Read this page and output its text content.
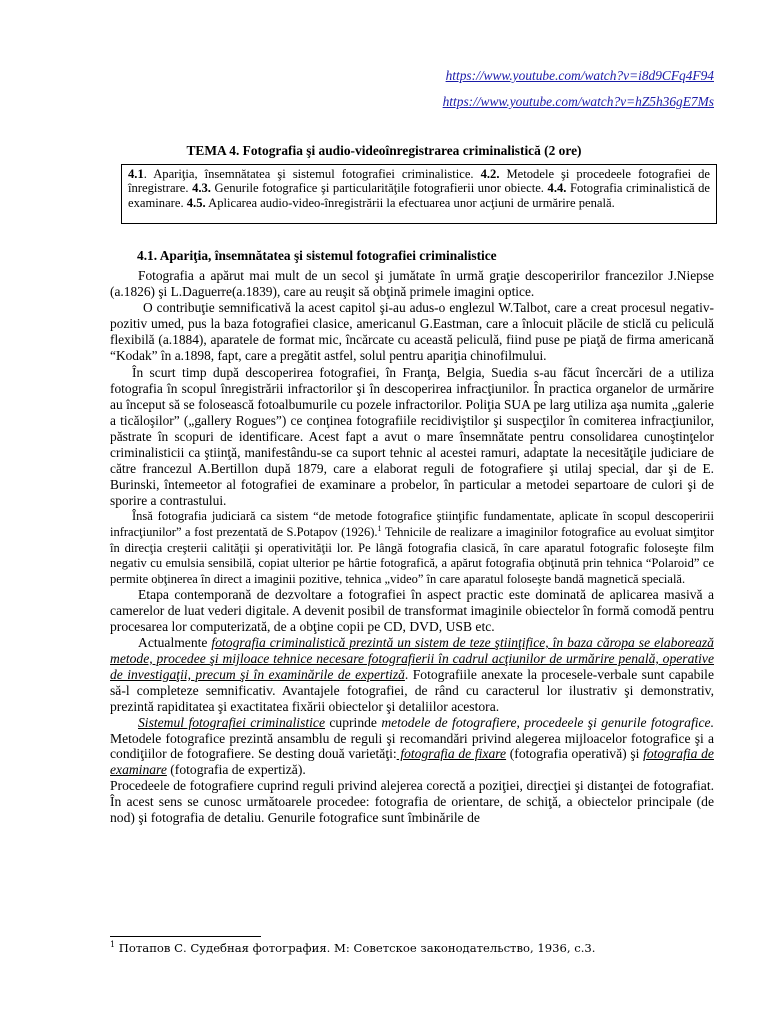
https://www.youtube.com/watch?v=i8d9CFq4F94
https://www.youtube.com/watch?v=hZ5h36gE7Ms
TEMA 4. Fotografia şi audio-videoînregistrarea criminalistică (2 ore)
4.1. Apariţia, însemnătatea şi sistemul fotografiei criminalistice. 4.2. Metodele şi procedeele fotografiei de înregistrare. 4.3. Genurile fotografice şi particularităţile fotografierii unor obiecte. 4.4. Fotografia criminalistică de examinare. 4.5. Aplicarea audio-video-înregistrării la efectuarea unor acţiuni de urmărire penală.
4.1. Apariţia, însemnătatea şi sistemul fotografiei criminalistice

Fotografia a apărut mai mult de un secol şi jumătate în urmă graţie descoperirilor francezilor J.Niepse (a.1826) şi L.Daguerre(a.1839), care au reuşit să obţină primele imagini optice.

O contribuţie semnificativă la acest capitol şi-au adus-o englezul W.Talbot, care a creat procesul negativ-pozitiv umed, pus la baza fotografiei clasice, americanul G.Eastman, care a înlocuit plăcile de sticlă cu peliculă flexibilă (a.1884), aparatele de format mic, încărcate cu această peliculă, fiind puse pe piaţă de firma americană “Kodak” în a.1898, fapt, care a pregătit astfel, solul pentru apariţia chinofilmului.

În scurt timp după descoperirea fotografiei, în Franţa, Belgia, Suedia s-au făcut încercări de a utiliza fotografia în scopul înregistrării infractorilor şi în descoperirea infracţiunilor. În practica organelor de urmărire au început să se folosească fotoalbumurile cu pozele infractorilor. Poliţia SUA pe larg utiliza aşa numita „galerie a ticăloşilor” („gallery Rogues”) ce conţinea fotografiile recidiviştilor şi suspecţilor în comiterea infracţiunilor, păstrate în scopuri de identificare. Acest fapt a avut o mare însemnătate pentru consolidarea cunoştinţelor criminalisticii ca ştiinţă, manifestându-se ca suport tehnic al acestei ramuri, adaptate la necesităţile judiciare de către francezul A.Bertillon după 1879, care a elaborat reguli de fotografiere şi utilaj special, dar şi de E. Burinski, întemeetor al fotografiei de examinare a probelor, în particular a metodei separtoare de culori şi de sporire a contrastului.

Însă fotografia judiciară ca sistem “de metode fotografice ştiinţific fundamentate, aplicate în scopul descoperirii infracţiunilor” a fost prezentată de S.Potapov (1926).$^1$ Tehnicile de realizare a imaginilor fotografice au evoluat simţitor în direcţia creşterii calităţii şi operativităţii lor. Pe lângă fotografia clasică, în care aparatul fotografic foloseşte film negativ cu emulsia sensibilă, copiat ulterior pe hârtie fotografică, a apărut fotografia obţinută prin tehnica “Polaroid” ce permite obţinerea în direct a imaginii pozitive, tehnica „video” în care aparatul foloseşte bandă magnetică specială.

Etapa contemporană de dezvoltare a fotografiei în aspect practic este dominată de aplicarea masivă a camerelor de luat vederi digitale. A devenit posibil de transformat imaginile obiectelor în formă comodă pentru procesarea lor computerizată, de a obţine copii pe CD, DVD, USB etc.

Actualmente fotografia criminalistică prezintă un sistem de teze ştiinţifice, în baza căroра se elaborează metode, procedee şi mijloace tehnice necesare fotografierii în cadrul acţiunilor de urmărire penală, operative de investigaţii, precum şi în examinările de expertiză. Fotografiile anexate la procesele-verbale sunt capabile să-l completeze semnificativ. Avantajele fotografiei, de rând cu caracterul lor ilustrativ şi demonstrativ, prezintă rapiditatea şi exactitatea fixării obiectelor şi detaliilor acestora.

Sistemul fotografiei criminalistice cuprinde metodele de fotografiere, procedeele şi genurile fotografice. Metodele fotografice prezintă ansamblu de reguli şi recomandări privind alegerea mijloacelor fotografice şi a condiţiilor de fotografiere. Se desting două varietăţi: fotografia de fixare (fotografia operativă) şi fotografia de examinare (fotografia de expertiză).

Procedeele de fotografiere cuprind reguli privind alejerea corectă a poziţiei, direcţiei şi distanţei de fotografiat. În acest sens se cunosc următoarele procedee: fotografia de orientare, de schiţă, a obiectelor principale (de nod) şi fotografia de detaliu. Genurile fotografice sunt îmbinările de

$^1$ Потапов С. Судебная фотография. М: Советское законодательство, 1936, с.3.
